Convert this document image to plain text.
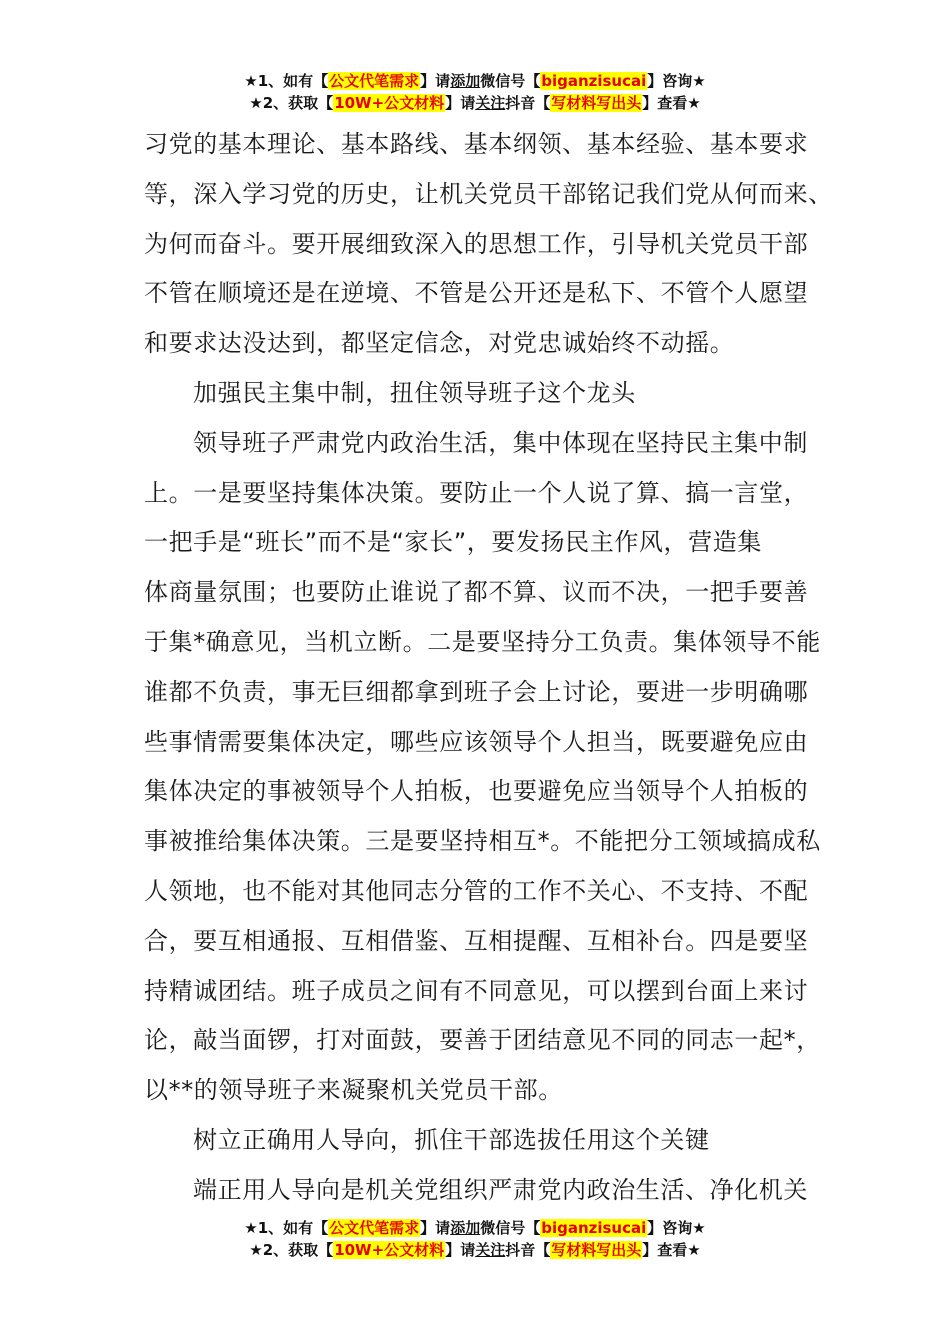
★1、如有【公文代笔需求】请添加微信号【biganzisucai】咨询★
★2、获取【10W+公文材料】请关注抖音【写材料写出头】查看★
习党的基本理论、基本路线、基本纲领、基本经验、基本要求
等，深入学习党的历史，让机关党员干部铭记我们党从何而来、
为何而奋斗。要开展细致深入的思想工作，引导机关党员干部
不管在顺境还是在逆境、不管是公开还是私下、不管个人愿望
和要求达没达到，都坚定信念，对党忠诚始终不动摇。
加强民主集中制，扭住领导班子这个龙头
领导班子严肃党内政治生活，集中体现在坚持民主集中制
上。一是要坚持集体决策。要防止一个人说了算、搞一言堂，
一把手是“班长”而不是“家长”，要发扬民主作风，营造集
体商量氛围；也要防止谁说了都不算、议而不决，一把手要善
于集*确意见，当机立断。二是要坚持分工负责。集体领导不能
谁都不负责，事无巨细都拿到班子会上讨论，要进一步明确哪
些事情需要集体决定，哪些应该领导个人担当，既要避免应由
集体决定的事被领导个人拍板，也要避免应当领导个人拍板的
事被推给集体决策。三是要坚持相互*。不能把分工领域搞成私
人领地，也不能对其他同志分管的工作不关心、不支持、不配
合，要互相通报、互相借鉴、互相提醒、互相补台。四是要坚
持精诚团结。班子成员之间有不同意见，可以摆到台面上来讨
论，敲当面锣，打对面鼓，要善于团结意见不同的同志一起*，
以**的领导班子来凝聚机关党员干部。
树立正确用人导向，抓住干部选拔任用这个关键
端正用人导向是机关党组织严肃党内政治生活、净化机关
★1、如有【公文代笔需求】请添加微信号【biganzisucai】咨询★
★2、获取【10W+公文材料】请关注抖音【写材料写出头】查看★
